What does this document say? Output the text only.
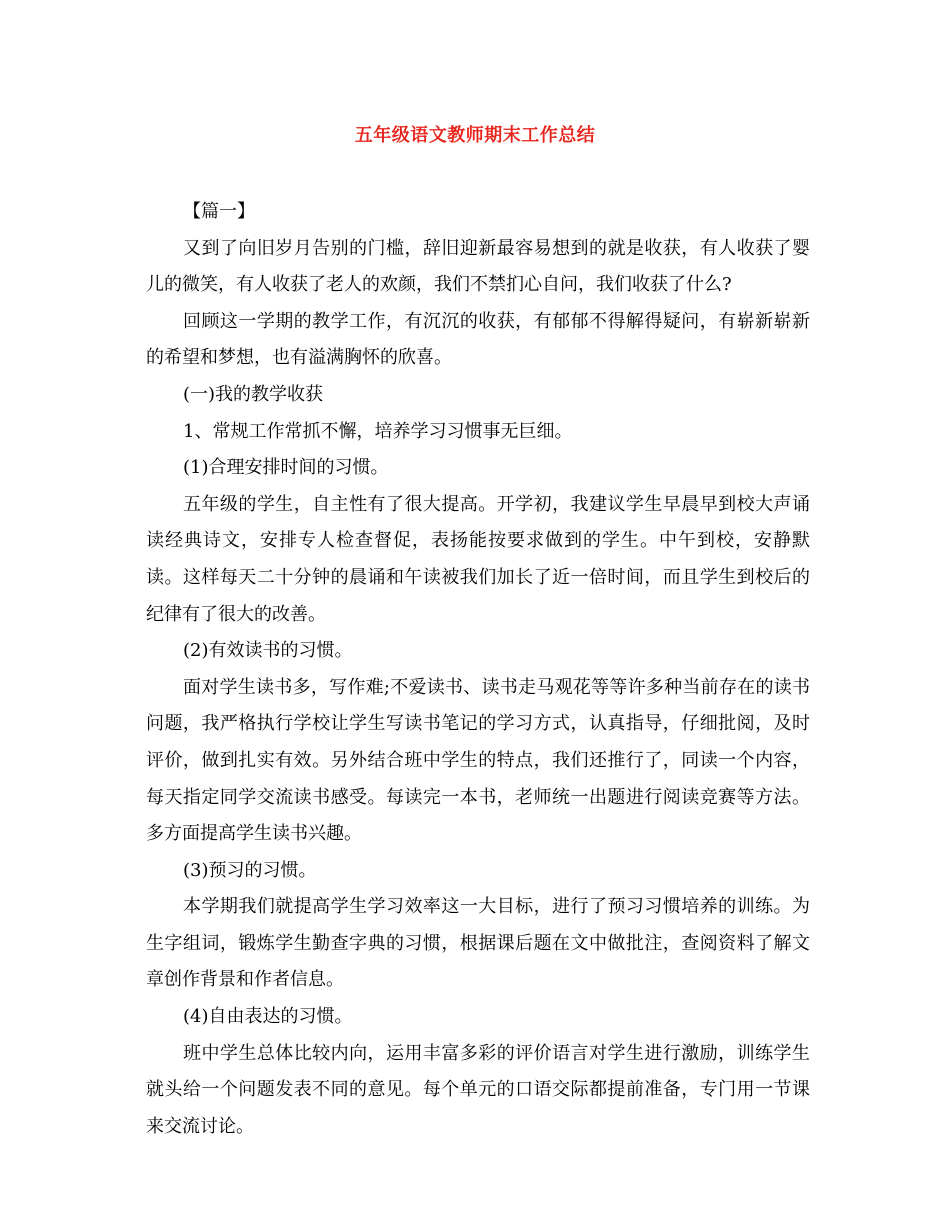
五年级语文教师期末工作总结

【篇一】

又到了向旧岁月告别的门槛，辞旧迎新最容易想到的就是收获，有人收获了婴儿的微笑，有人收获了老人的欢颜，我们不禁扪心自问，我们收获了什么?

回顾这一学期的教学工作，有沉沉的收获，有郁郁不得解得疑问，有崭新崭新的希望和梦想，也有溢满胸怀的欣喜。

(一)我的教学收获

1、常规工作常抓不懈，培养学习习惯事无巨细。

(1)合理安排时间的习惯。

五年级的学生，自主性有了很大提高。开学初，我建议学生早晨早到校大声诵读经典诗文，安排专人检查督促，表扬能按要求做到的学生。中午到校，安静默读。这样每天二十分钟的晨诵和午读被我们加长了近一倍时间，而且学生到校后的纪律有了很大的改善。

(2)有效读书的习惯。

面对学生读书多，写作难;不爱读书、读书走马观花等等许多种当前存在的读书问题，我严格执行学校让学生写读书笔记的学习方式，认真指导，仔细批阅，及时评价，做到扎实有效。另外结合班中学生的特点，我们还推行了，同读一个内容，每天指定同学交流读书感受。每读完一本书，老师统一出题进行阅读竞赛等方法。多方面提高学生读书兴趣。

(3)预习的习惯。

本学期我们就提高学生学习效率这一大目标，进行了预习习惯培养的训练。为生字组词，锻炼学生勤查字典的习惯，根据课后题在文中做批注，查阅资料了解文章创作背景和作者信息。

(4)自由表达的习惯。

班中学生总体比较内向，运用丰富多彩的评价语言对学生进行激励，训练学生就头给一个问题发表不同的意见。每个单元的口语交际都提前准备，专门用一节课来交流讨论。
